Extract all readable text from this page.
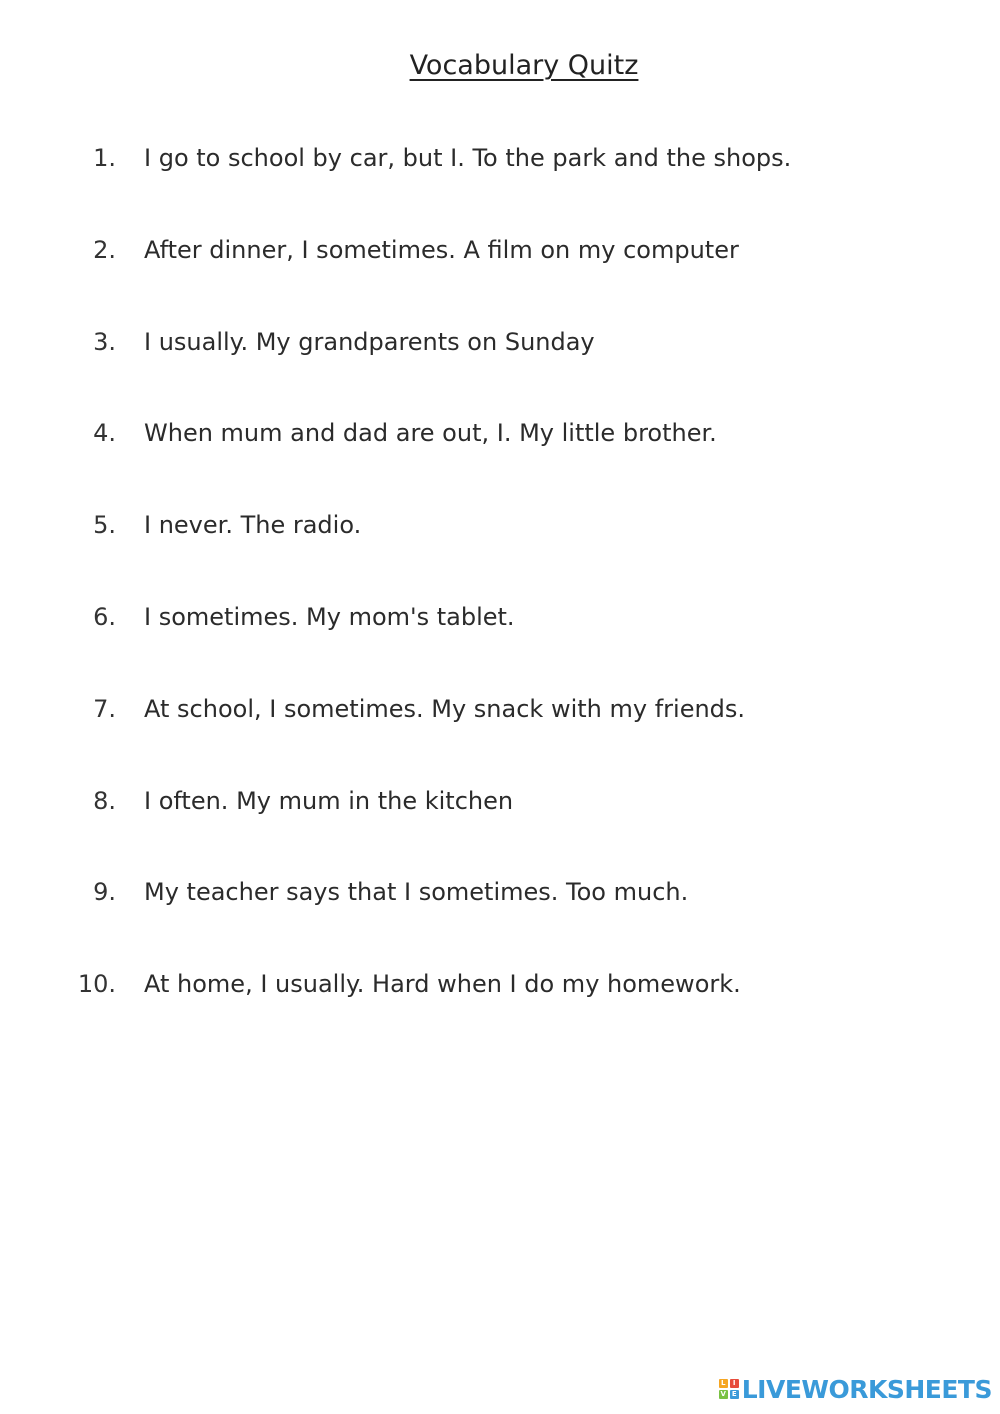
Vocabulary Quitz
1. I go to school by car, but I. To the park and the shops.
2. After dinner, I sometimes. A film on my computer
3. I usually. My grandparents on Sunday
4. When mum and dad are out, I. My little brother.
5. I never. The radio.
6. I sometimes. My mom's tablet.
7. At school, I sometimes. My snack with my friends.
8. I often. My mum in the kitchen
9. My teacher says that I sometimes. Too much.
10. At home, I usually. Hard when I do my homework.
L	I
V E LIVEWORKSHEETS
